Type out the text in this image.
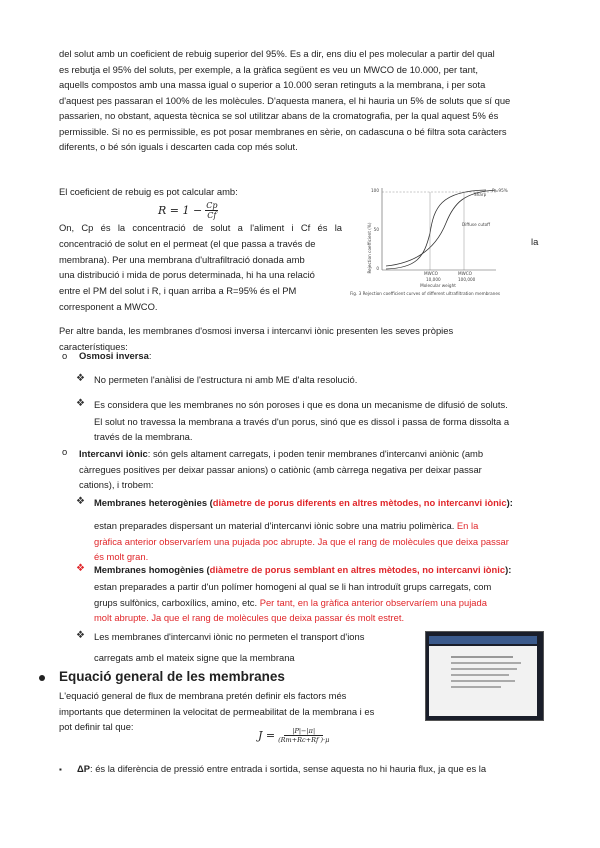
del solut amb un coeficient de rebuig superior del 95%. Es a dir, ens diu el pes molecular a partir del qual
es rebutja el 95% del soluts, per exemple, a la gràfica següent es veu un MWCO de 10.000, per tant,
aquells compostos amb una massa igual o superior a 10.000 seran retinguts a la membrana, i per sota
d'aquest pes passaran el 100% de les molècules. D'aquesta manera, el hi hauria un 5% de soluts que sí que
passarien, no obstant, aquesta tècnica se sol utilitzar abans de la cromatografia, per la qual aquest 5% és
permissible. Si no es permissible, es pot posar membranes en sèrie, on cadascuna o bé filtra sota caràcters
diferents, o bé són iguals i descarten cada cop més solut.
El coeficient de rebuig es pot calcular amb:
$R = 1 - \frac{Cp}{Cf}$
On, Cp és la concentració de solut a l'aliment i Cf és la
concentració de solut en el permeat (el que passa a través de
membrana). Per una membrana d'ultrafiltració donada amb
una distribució i mida de porus determinada, hi ha una relació
entre el PM del solut i R, i quan arriba a R=95% és el PM
corresponent a MWCO.
la
Rejection coefficient (%)
100
50
0
Sharp
R=95%
Diffuse cutoff
MWCO
10,000
MWCO
100,000
Molecular weight
Fig. 3 Rejection coefficient curves of different ultrafiltration membranes
Per altre banda, les membranes d'osmosi inversa i intercanvi iònic presenten les seves pròpies
característiques:
o Osmosi inversa:
❖ No permeten l'anàlisi de l'estructura ni amb ME d'alta resolució.
❖ Es considera que les membranes no són poroses i que es dona un mecanisme de difusió de soluts.
El solut no travessa la membrana a través d'un porus, sinó que es dissol i passa de forma dissolta a
través de la membrana.
o Intercanvi iònic: són gels altament carregats, i poden tenir membranes d'intercanvi aniònic (amb
càrregues positives per deixar passar anions) o catiònic (amb càrrega negativa per deixar passar
cations), i trobem:
❖ Membranes heterogènies (diàmetre de porus diferents en altres mètodes, no intercanvi iònic):
estan preparades dispersant un material d'intercanvi iònic sobre una matriu polimèrica. En la
gràfica anterior observaríem una pujada poc abrupte. Ja que el rang de molècules que deixa passar
és molt gran.
❖ Membranes homogènies (diàmetre de porus semblant en altres mètodes, no intercanvi iònic):
estan preparades a partir d'un polímer homogeni al qual se li han introduït grups carregats, com
grups sulfònics, carboxílics, amino, etc. Per tant, en la gràfica anterior observaríem una pujada
molt abrupte. Ja que el rang de molècules que deixa passar és molt estret.
❖ Les membranes d'intercanvi iònic no permeten el transport d'ions
carregats amb el mateix signe que la membrana
Equació general de les membranes
L'equació general de flux de membrana pretén definir els factors més
importants que determinen la velocitat de permeabilitat de la membrana i es
pot definir tal que:
$J = \frac{|P|-|\pi|}{(Rm+Rc+Rf )\cdot\mu}$
▪ ΔP: és la diferència de pressió entre entrada i sortida, sense aquesta no hi hauria flux, ja que es la
